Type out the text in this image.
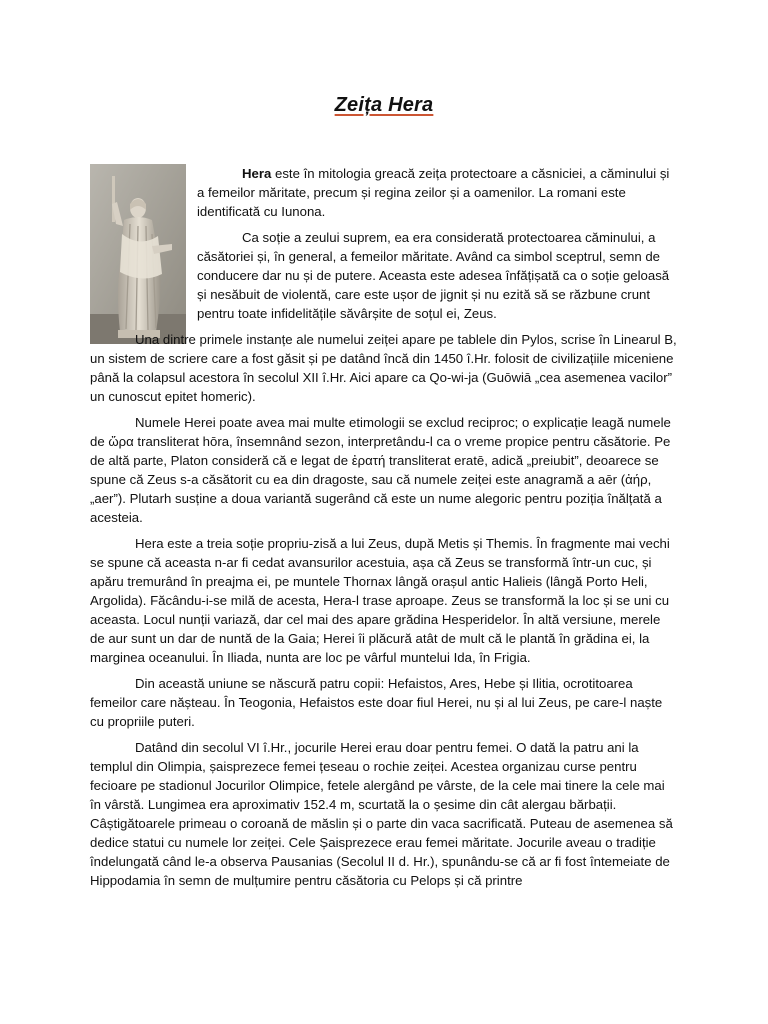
Zeița Hera

Hera este în mitologia greacă zeița protectoare a căsniciei, a căminului și a femeilor măritate, precum și regina zeilor și a oamenilor. La romani este identificată cu Iunona.

Ca soție a zeului suprem, ea era considerată protectoarea căminului, a căsătoriei și, în general, a femeilor măritate. Având ca simbol sceptrul, semn de conducere dar nu și de putere. Aceasta este adesea înfățișată ca o soție geloasă și nesăbuit de violentă, care este ușor de jignit și nu ezită să se răzbune crunt pentru toate infidelitățile săvârșite de soțul ei, Zeus.

Una dintre primele instanțe ale numelui zeiței apare pe tablele din Pylos, scrise în Linearul B, un sistem de scriere care a fost găsit și pe datând încă din 1450 î.Hr. folosit de civilizațiile miceniene până la colapsul acestora în secolul XII î.Hr. Aici apare ca Qo-wi-ja (Guōwiā „cea asemenea vacilor” un cunoscut epitet homeric).

Numele Herei poate avea mai multe etimologii se exclud reciproc; o explicație leagă numele de ὥρα transliterat hōra, însemnând sezon, interpretându-l ca o vreme propice pentru căsătorie. Pe de altă parte, Platon consideră că e legat de ἐρατή transliterat eratē, adică „preiubit”, deoarece se spune că Zeus s-a căsătorit cu ea din dragoste, sau că numele zeiței este anagramă a aēr (ἀήρ, „aer”). Plutarh susține a doua variantă sugerând că este un nume alegoric pentru poziția înălțată a acesteia.

Hera este a treia soție propriu-zisă a lui Zeus, după Metis și Themis. În fragmente mai vechi se spune că aceasta n-ar fi cedat avansurilor acestuia, așa că Zeus se transformă într-un cuc, și apăru tremurând în preajma ei, pe muntele Thornax lângă orașul antic Halieis (lângă Porto Heli, Argolida). Făcându-i-se milă de acesta, Hera-l trase aproape. Zeus se transformă la loc și se uni cu aceasta. Locul nunții variază, dar cel mai des apare grădina Hesperidelor. În altă versiune, merele de aur sunt un dar de nuntă de la Gaia; Herei îi plăcură atât de mult că le plantă în grădina ei, la marginea oceanului. În Iliada, nunta are loc pe vârful muntelui Ida, în Frigia.

Din această uniune se născură patru copii: Hefaistos, Ares, Hebe și Ilitia, ocrotitoarea femeilor care nășteau. În Teogonia, Hefaistos este doar fiul Herei, nu și al lui Zeus, pe care-l naște cu propriile puteri.

Datând din secolul VI î.Hr., jocurile Herei erau doar pentru femei. O dată la patru ani la templul din Olimpia, șaisprezece femei țeseau o rochie zeiței. Acestea organizau curse pentru fecioare pe stadionul Jocurilor Olimpice, fetele alergând pe vârste, de la cele mai tinere la cele mai în vârstă. Lungimea era aproximativ 152.4 m, scurtată la o șesime din cât alergau bărbații. Câștigătoarele primeau o coroană de măslin și o parte din vaca sacrificată. Puteau de asemenea să dedice statui cu numele lor zeiței. Cele Șaisprezece erau femei măritate. Jocurile aveau o tradiție îndelungată când le-a observa Pausanias (Secolul II d. Hr.), spunându-se că ar fi fost întemeiate de Hippodamia în semn de mulțumire pentru căsătoria cu Pelops și că printre
